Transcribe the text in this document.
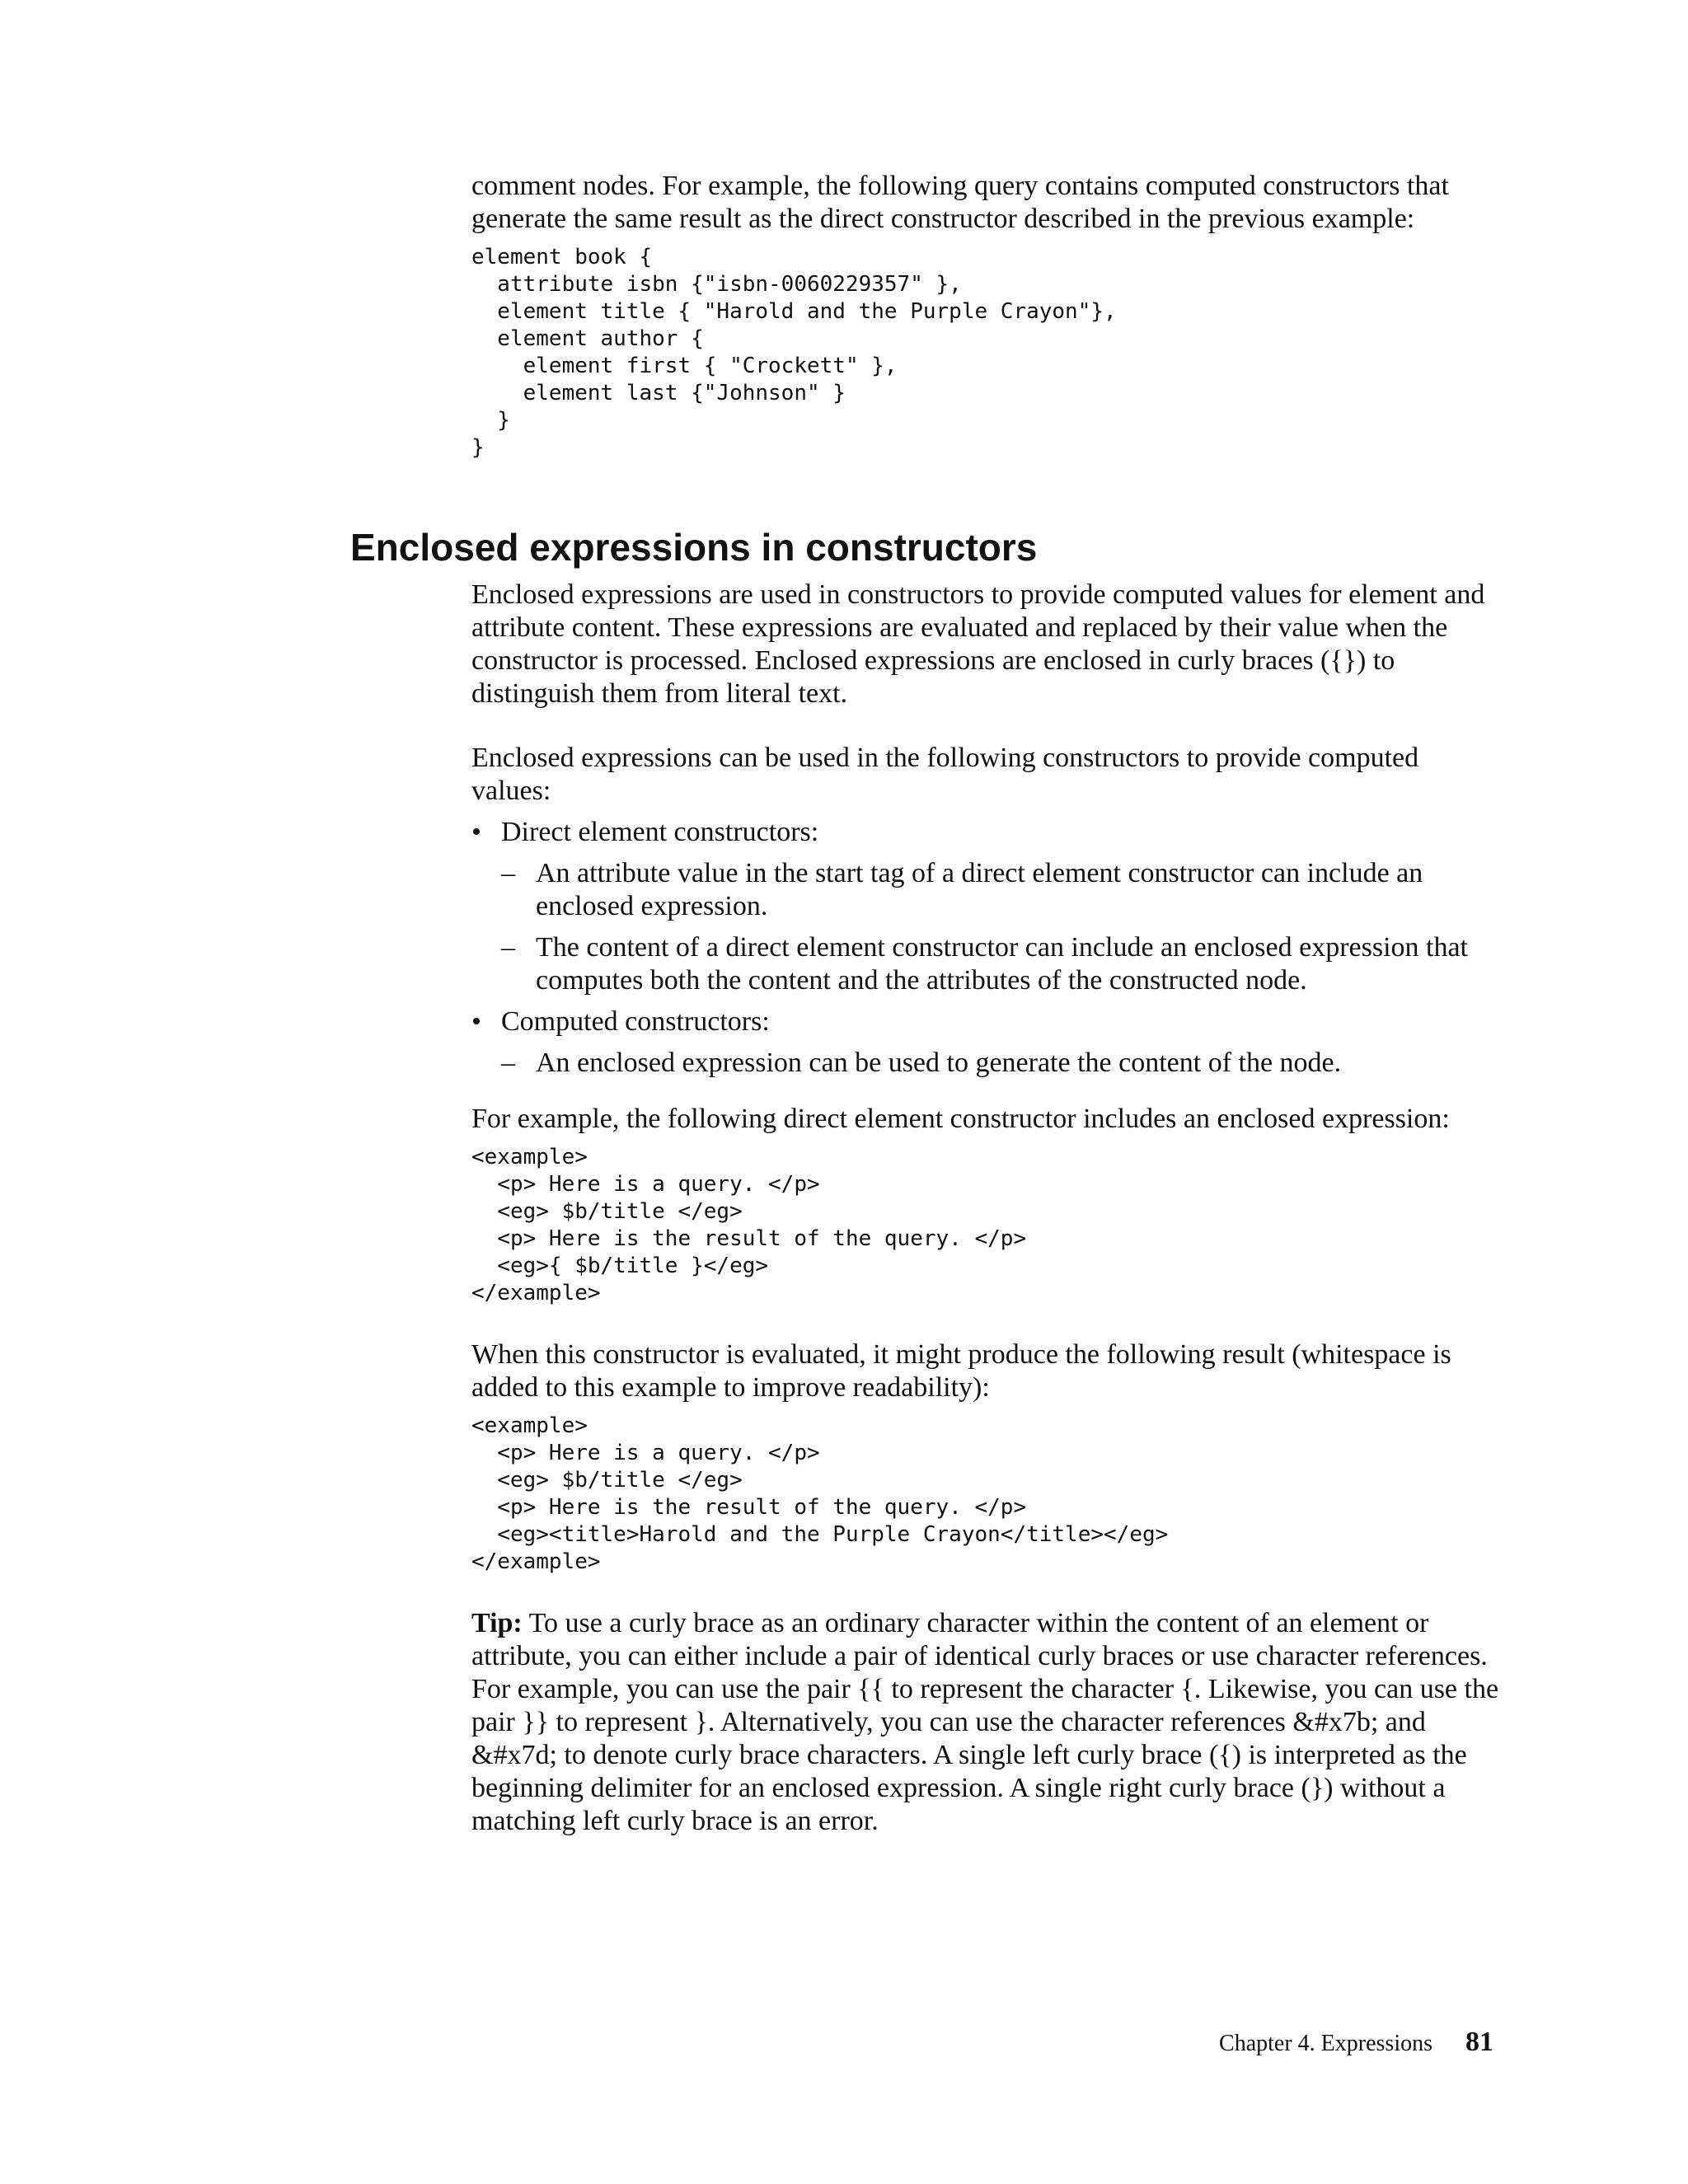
comment nodes. For example, the following query contains computed constructors that generate the same result as the direct constructor described in the previous example:

element book {
attribute isbn {"isbn-0060229357" },
element title { "Harold and the Purple Crayon"},
element author {
element first { "Crockett" },
element last {"Johnson" }
}
}
Enclosed expressions in constructors

Enclosed expressions are used in constructors to provide computed values for element and attribute content. These expressions are evaluated and replaced by their value when the constructor is processed. Enclosed expressions are enclosed in curly braces ({}) to distinguish them from literal text.

Enclosed expressions can be used in the following constructors to provide computed values:

• Direct element constructors:
– An attribute value in the start tag of a direct element constructor can include an enclosed expression.
– The content of a direct element constructor can include an enclosed expression that computes both the content and the attributes of the constructed node.
• Computed constructors:
– An enclosed expression can be used to generate the content of the node.

For example, the following direct element constructor includes an enclosed expression:

<example>
<p> Here is a query. </p>
<eg> $b/title </eg>
<p> Here is the result of the query. </p>
<eg>{ $b/title }</eg>
</example>

When this constructor is evaluated, it might produce the following result (whitespace is added to this example to improve readability):

<example>
<p> Here is a query. </p>
<eg> $b/title </eg>
<p> Here is the result of the query. </p>
<eg><title>Harold and the Purple Crayon</title></eg>
</example>

Tip: To use a curly brace as an ordinary character within the content of an element or attribute, you can either include a pair of identical curly braces or use character references. For example, you can use the pair {{ to represent the character {. Likewise, you can use the pair }} to represent }. Alternatively, you can use the character references &#x7b; and &#x7d; to denote curly brace characters. A single left curly brace ({) is interpreted as the beginning delimiter for an enclosed expression. A single right curly brace (}) without a matching left curly brace is an error.

Chapter 4. Expressions 81
